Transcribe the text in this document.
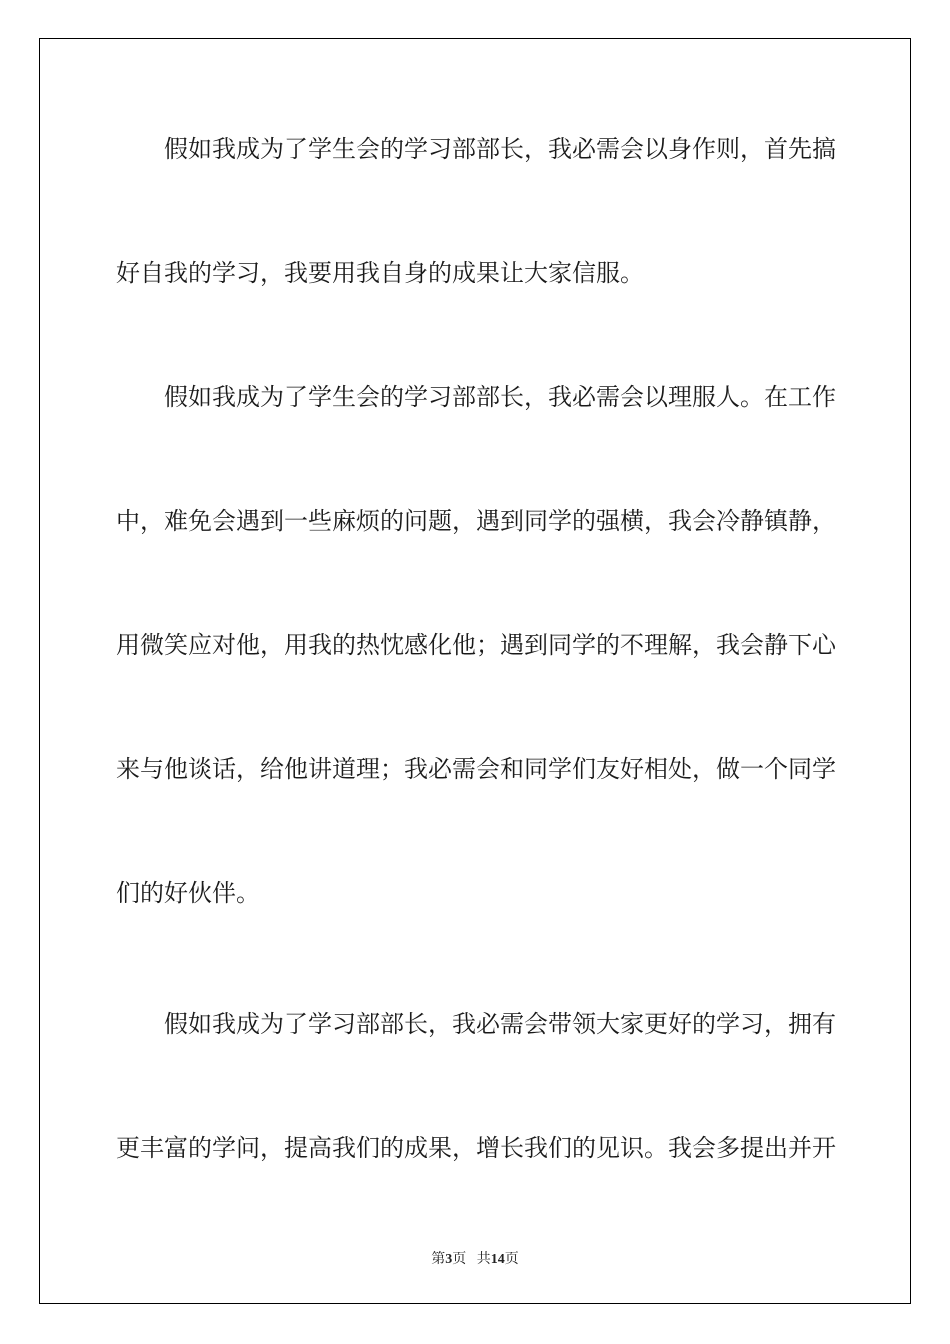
假如我成为了学生会的学习部部长，我必需会以身作则，首先搞
好自我的学习，我要用我自身的成果让大家信服。
假如我成为了学生会的学习部部长，我必需会以理服人。在工作
中，难免会遇到一些麻烦的问题，遇到同学的强横，我会冷静镇静，
用微笑应对他，用我的热忱感化他；遇到同学的不理解，我会静下心
来与他谈话，给他讲道理；我必需会和同学们友好相处，做一个同学
们的好伙伴。
假如我成为了学习部部长，我必需会带领大家更好的学习，拥有
更丰富的学问，提高我们的成果，增长我们的见识。我会多提出并开
第3页 共14页
